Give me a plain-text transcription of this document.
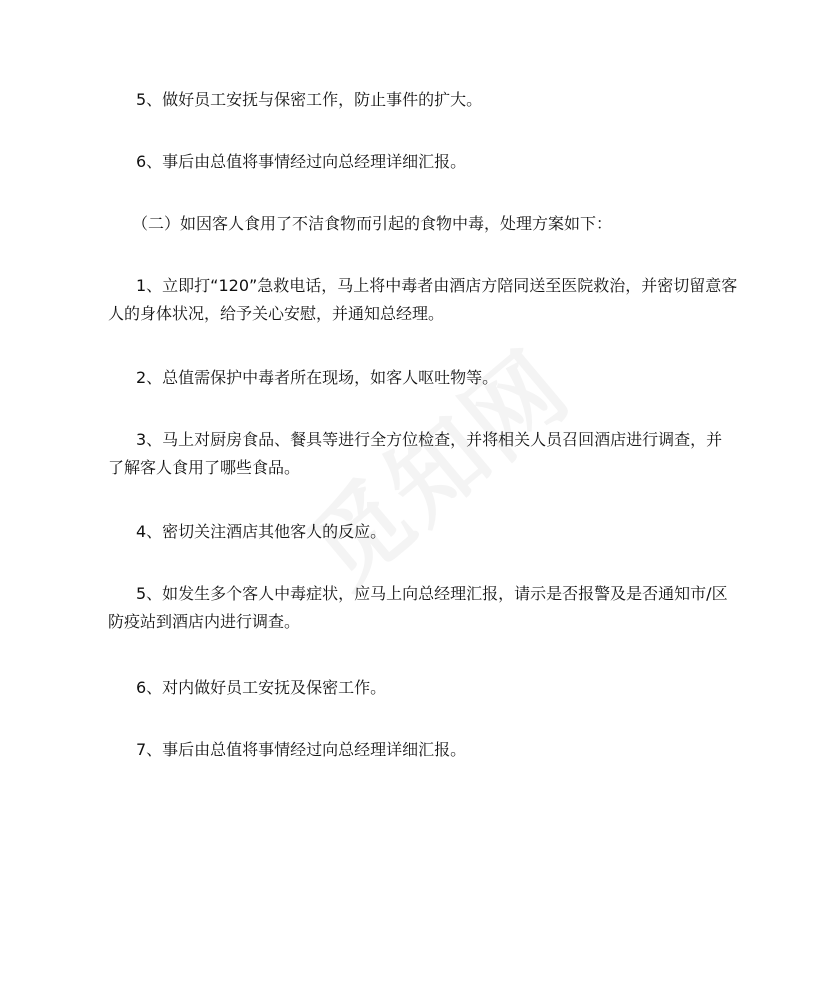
5、做好员工安抚与保密工作，防止事件的扩大。

6、事后由总值将事情经过向总经理详细汇报。

（二）如因客人食用了不洁食物而引起的食物中毒，处理方案如下：

1、立即打“120”急救电话，马上将中毒者由酒店方陪同送至医院救治，并密切留意客人的身体状况，给予关心安慰，并通知总经理。

2、总值需保护中毒者所在现场，如客人呕吐物等。

3、马上对厨房食品、餐具等进行全方位检查，并将相关人员召回酒店进行调查，并了解客人食用了哪些食品。

4、密切关注酒店其他客人的反应。

5、如发生多个客人中毒症状，应马上向总经理汇报，请示是否报警及是否通知市/区防疫站到酒店内进行调查。

6、对内做好员工安抚及保密工作。

7、事后由总值将事情经过向总经理详细汇报。
